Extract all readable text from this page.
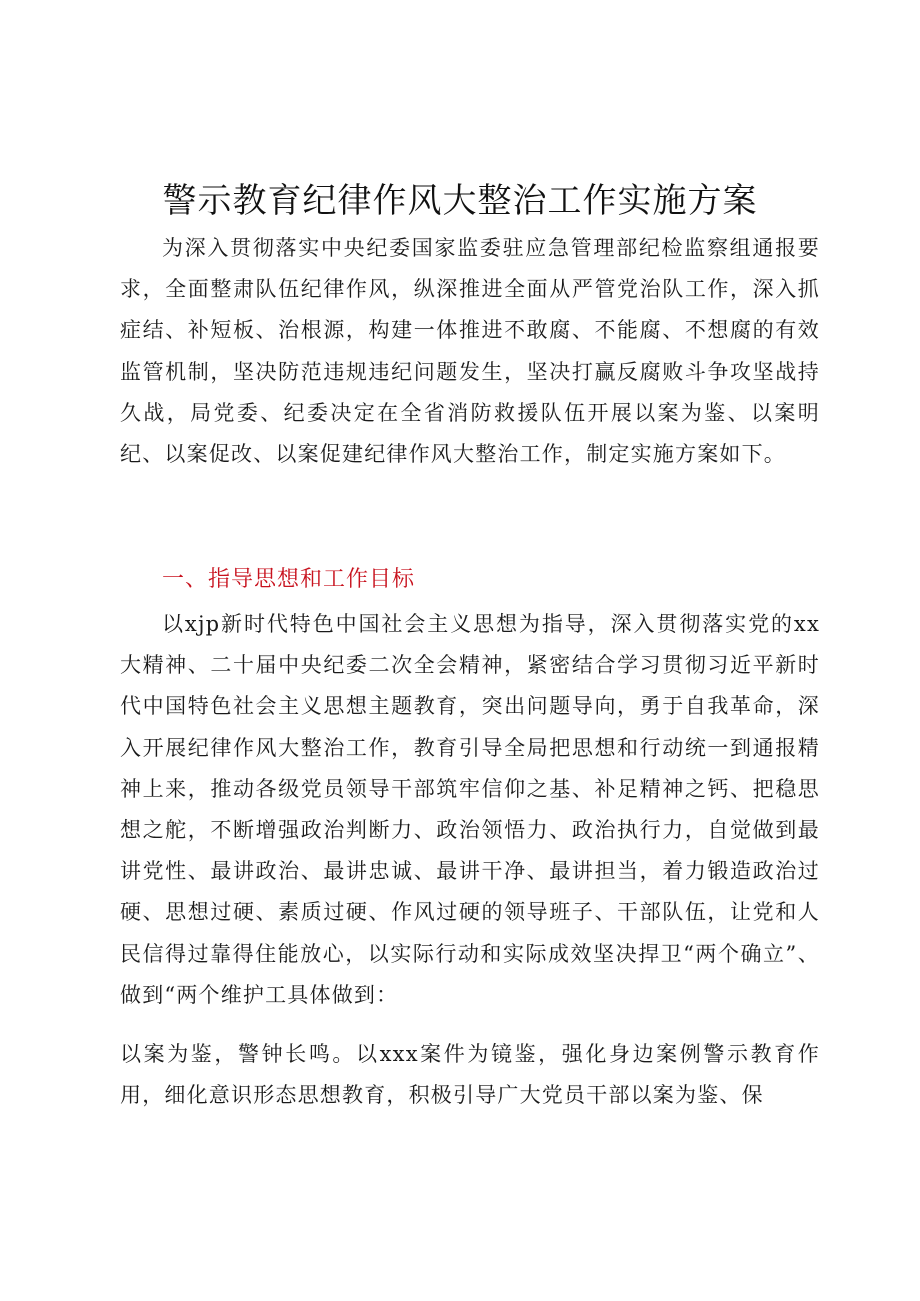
警示教育纪律作风大整治工作实施方案

为深入贯彻落实中央纪委国家监委驻应急管理部纪检监察组通报要求，全面整肃队伍纪律作风，纵深推进全面从严管党治队工作，深入抓症结、补短板、治根源，构建一体推进不敢腐、不能腐、不想腐的有效监管机制，坚决防范违规违纪问题发生，坚决打赢反腐败斗争攻坚战持久战，局党委、纪委决定在全省消防救援队伍开展以案为鉴、以案明纪、以案促改、以案促建纪律作风大整治工作，制定实施方案如下。

一、指导思想和工作目标

以xjp新时代特色中国社会主义思想为指导，深入贯彻落实党的xx大精神、二十届中央纪委二次全会精神，紧密结合学习贯彻习近平新时代中国特色社会主义思想主题教育，突出问题导向，勇于自我革命，深入开展纪律作风大整治工作，教育引导全局把思想和行动统一到通报精神上来，推动各级党员领导干部筑牢信仰之基、补足精神之钙、把稳思想之舵，不断增强政治判断力、政治领悟力、政治执行力，自觉做到最讲党性、最讲政治、最讲忠诚、最讲干净、最讲担当，着力锻造政治过硬、思想过硬、素质过硬、作风过硬的领导班子、干部队伍，让党和人民信得过靠得住能放心，以实际行动和实际成效坚决捍卫“两个确立”、做到“两个维护工具体做到：

以案为鉴，警钟长鸣。以xxx案件为镜鉴，强化身边案例警示教育作用，细化意识形态思想教育，积极引导广大党员干部以案为鉴、保
